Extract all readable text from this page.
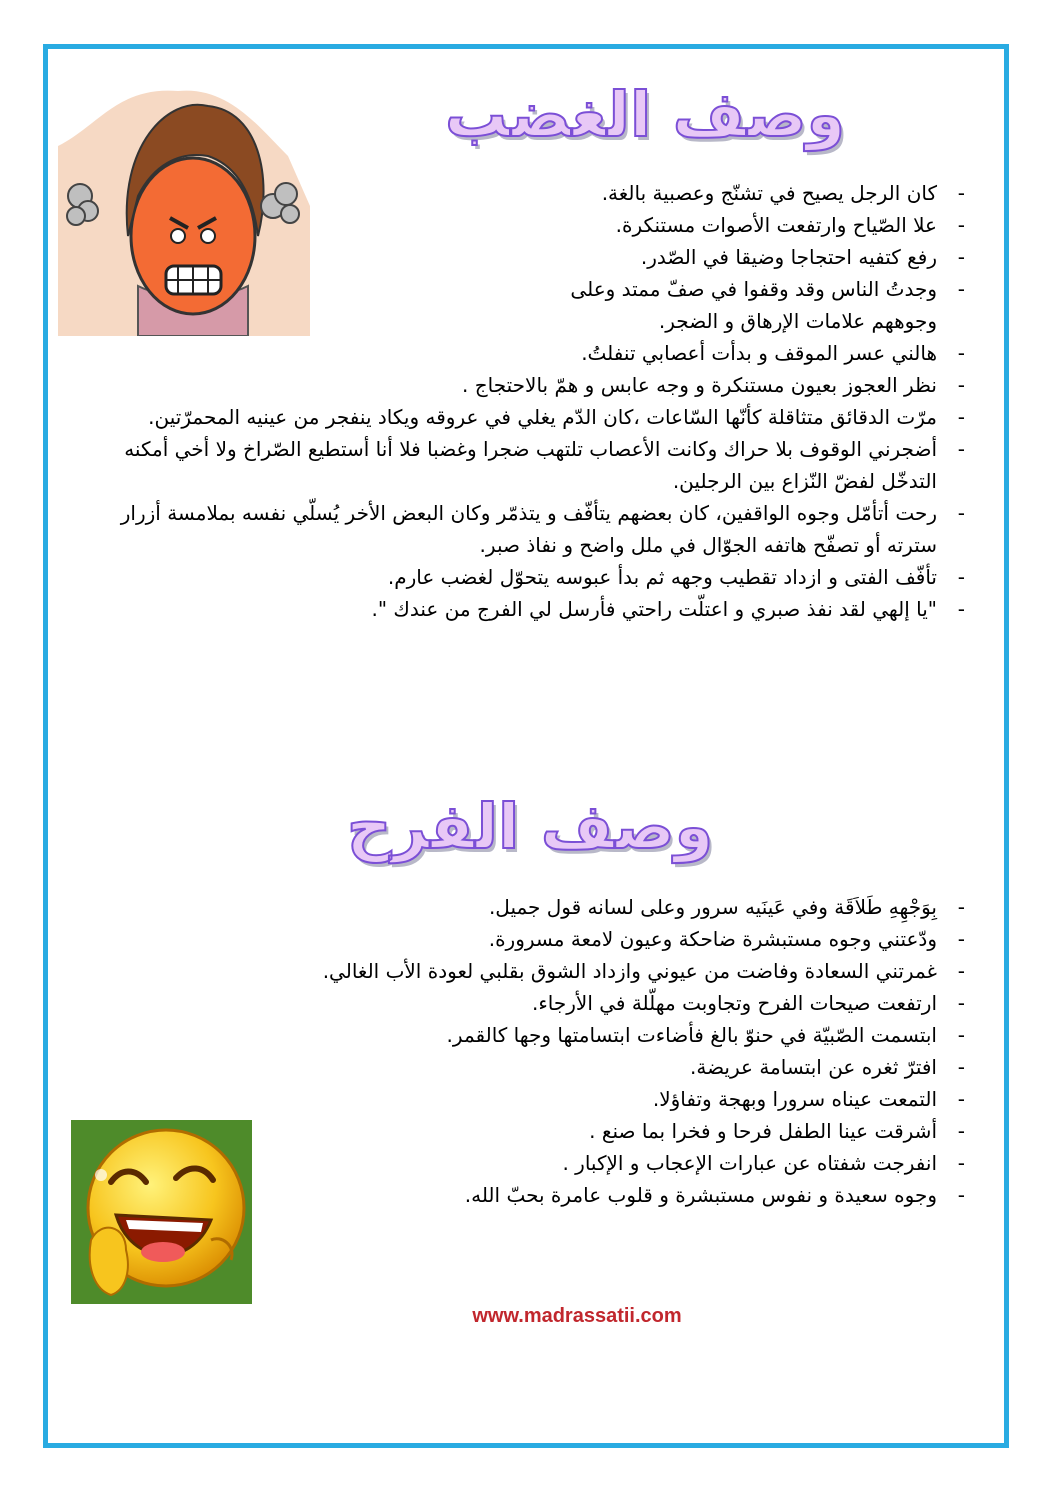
وصف الغضب
- كان الرجل يصيح في تشنّج وعصبية بالغة.
- علا الصّياح وارتفعت الأصوات مستنكرة.
- رفع كتفيه احتجاجا وضيقا في الصّدر.
- وجدتُ الناس وقد وقفوا في صفّ ممتد وعلى وجوههم علامات الإرهاق و الضجر.
- هالني عسر الموقف و بدأت أعصابي تنفلتُ.
- نظر العجوز بعيون مستنكرة و وجه عابس و همّ بالاحتجاج .
- مرّت الدقائق متثاقلة كأنّها السّاعات ،كان الدّم يغلي في عروقه ويكاد ينفجر من عينيه المحمرّتين.
- أضجرني الوقوف بلا حراك وكانت الأعصاب تلتهب ضجرا وغضبا فلا أنا أستطيع الصّراخ ولا أخي أمكنه التدخّل لفضّ النّزاع بين الرجلين.
- رحت أتأمّل وجوه الواقفين، كان بعضهم يتأفّف و يتذمّر وكان البعض الأخر يُسلّي نفسه بملامسة أزرار سترته أو تصفّح هاتفه الجوّال في ملل واضح و نفاذ صبر.
- تأفّف الفتى و ازداد تقطيب وجهه ثم بدأ عبوسه يتحوّل لغضب عارم.
- "يا إلهي لقد نفذ صبري و اعتلّت راحتي فأرسل لي الفرج من عندك ".
وصف الفرح
- بِوَجْهِهِ طَلاَقَة وفي عَينَيه سرور وعلى لسانه قول جميل.
- ودّعتني وجوه مستبشرة ضاحكة وعيون لامعة مسرورة.
- غمرتني السعادة وفاضت من عيوني وازداد الشوق بقلبي لعودة الأب الغالي.
- ارتفعت صيحات الفرح وتجاوبت مهلّلة في الأرجاء.
- ابتسمت الصّبيّة في حنوّ بالغ فأضاءت ابتسامتها وجها كالقمر.
- افترّ ثغره عن ابتسامة عريضة.
- التمعت عيناه سرورا وبهجة وتفاؤلا.
- أشرقت عينا الطفل فرحا و فخرا بما صنع .
- انفرجت شفتاه عن عبارات الإعجاب و الإكبار .
- وجوه سعيدة و نفوس مستبشرة و قلوب عامرة بحبّ الله.
www.madrassatii.com
